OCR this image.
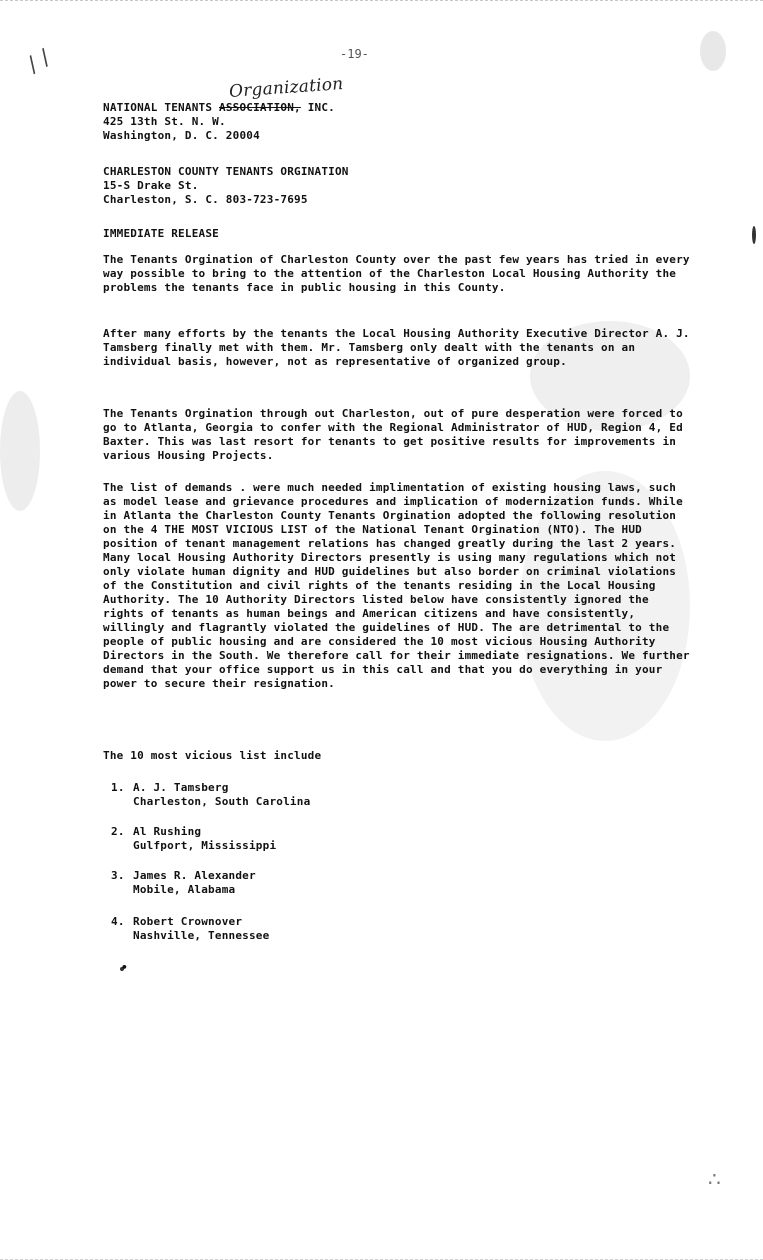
-19-
/ /
Organization

NATIONAL TENANTS ASSOCIATION, INC.

425 13th St. N. W.

Washington, D. C. 20004

CHARLESTON COUNTY TENANTS ORGINATION

15-S Drake St.

Charleston, S. C. 803-723-7695

IMMEDIATE RELEASE
The Tenants Orgination of Charleston County over the past few years has tried in every way possible to bring to the attention of the Charleston Local Housing Authority the problems the tenants face in public housing in this County.
After many efforts by the tenants the Local Housing Authority Executive Director A. J. Tamsberg finally met with them. Mr. Tamsberg only dealt with the tenants on an individual basis, however, not as representative of organized group.
The Tenants Orgination through out Charleston, out of pure desperation were forced to go to Atlanta, Georgia to confer with the Regional Administrator of HUD, Region 4, Ed Baxter. This was last resort for tenants to get positive results for improvements in various Housing Projects.
The list of demands . were much needed implimentation of existing housing laws, such as model lease and grievance procedures and implication of modernization funds. While in Atlanta the Charleston County Tenants Orgination adopted the following resolution on the 4 THE MOST VICIOUS LIST of the National Tenant Orgination (NTO). The HUD position of tenant management relations has changed greatly during the last 2 years. Many local Housing Authority Directors presently is using many regulations which not only violate human dignity and HUD guidelines but also border on criminal violations of the Constitution and civil rights of the tenants residing in the Local Housing Authority. The 10 Authority Directors listed below have consistently ignored the rights of tenants as human beings and American citizens and have consistently, willingly and flagrantly violated the guidelines of HUD. The are detrimental to the people of public housing and are considered the 10 most vicious Housing Authority Directors in the South. We therefore call for their immediate resignations. We further demand that your office support us in this call and that you do everything in your power to secure their resignation.
The 10 most vicious list include
1. A. J. Tamsberg
Charleston, South Carolina
2. Al Rushing
Gulfport, Mississippi
3. James R. Alexander
Mobile, Alabama
4. Robert Crownover
Nashville, Tennessee
•
∴
